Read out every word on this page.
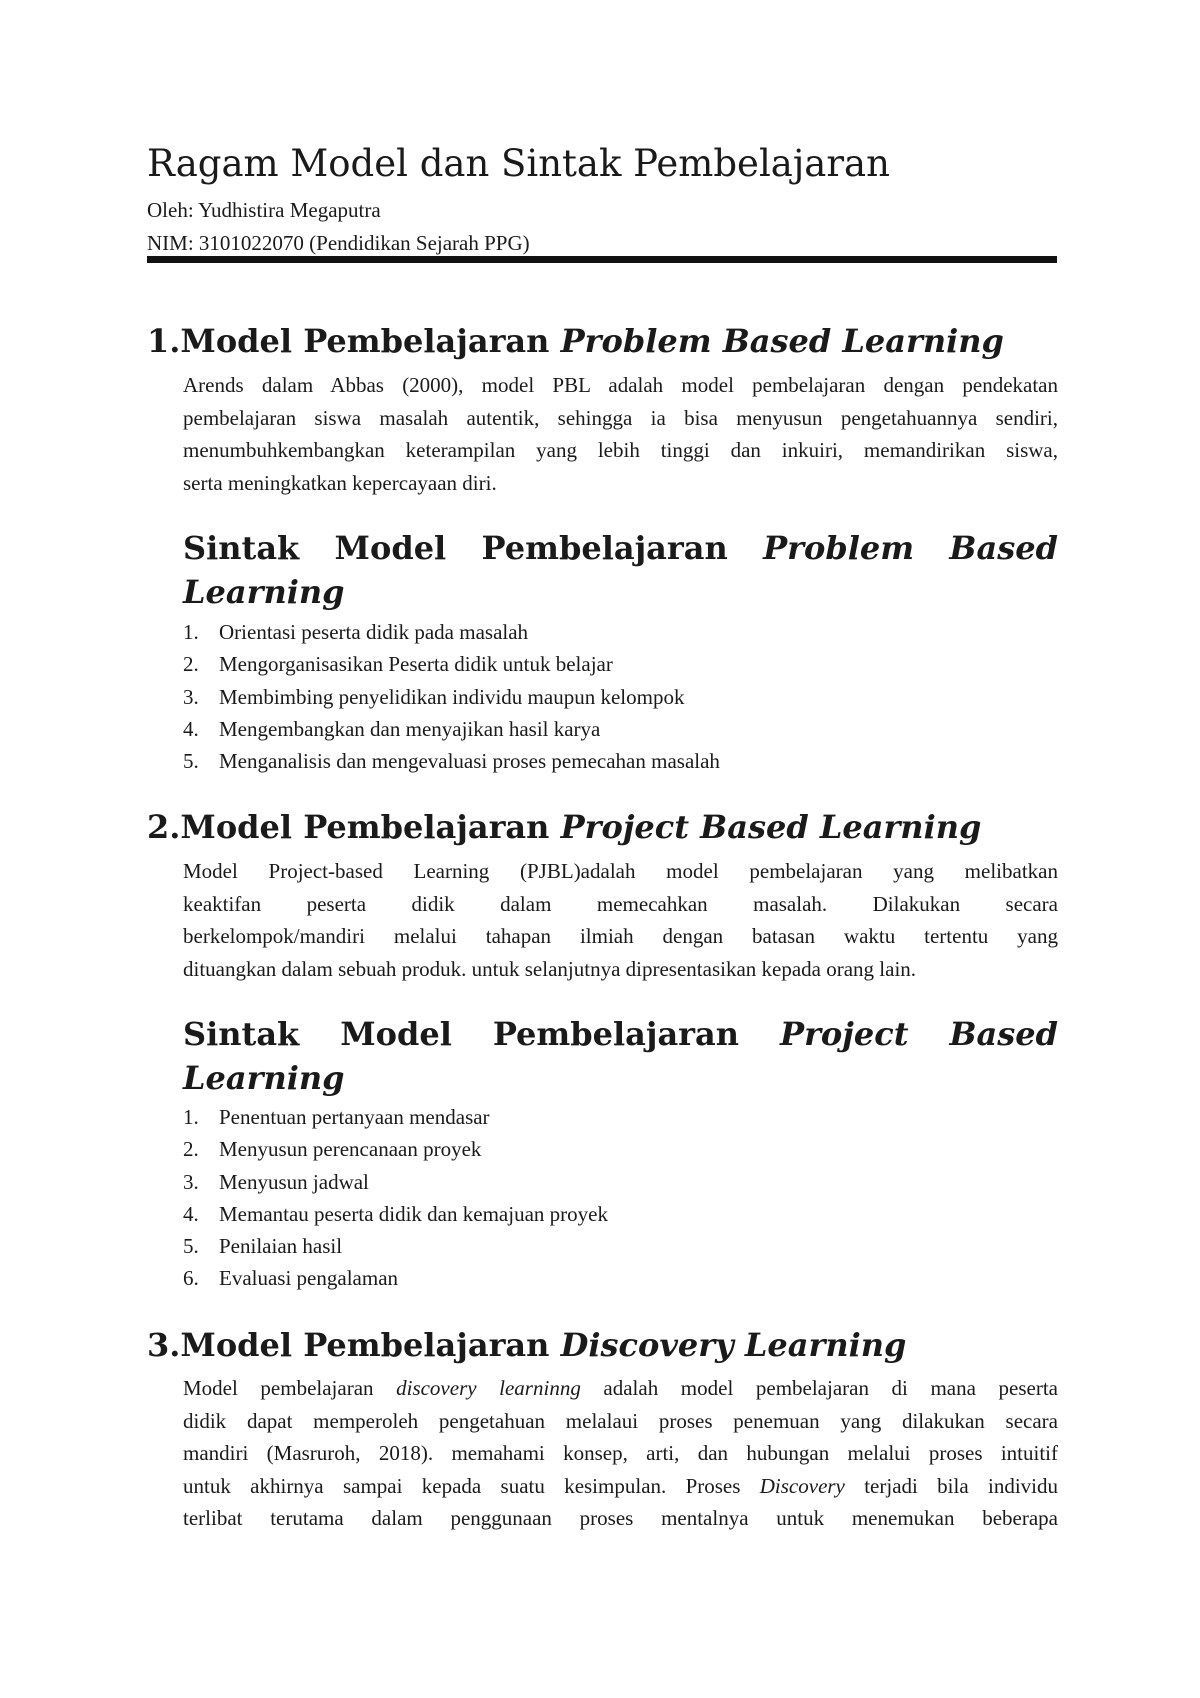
Ragam Model dan Sintak Pembelajaran

Oleh: Yudhistira Megaputra

NIM: 3101022070 (Pendidikan Sejarah PPG)

1.Model Pembelajaran Problem Based Learning

Arends dalam Abbas (2000), model PBL adalah model pembelajaran dengan pendekatan
pembelajaran siswa masalah autentik, sehingga ia bisa menyusun pengetahuannya sendiri,
menumbuhkembangkan keterampilan yang lebih tinggi dan inkuiri, memandirikan siswa,
serta meningkatkan kepercayaan diri.

Sintak Model Pembelajaran Problem Based
Learning
1. Orientasi peserta didik pada masalah
2. Mengorganisasikan Peserta didik untuk belajar
3. Membimbing penyelidikan individu maupun kelompok
4. Mengembangkan dan menyajikan hasil karya
5. Menganalisis dan mengevaluasi proses pemecahan masalah
2.Model Pembelajaran Project Based Learning

Model Project-based Learning (PJBL)adalah model pembelajaran yang melibatkan
keaktifan peserta didik dalam memecahkan masalah. Dilakukan secara
berkelompok/mandiri melalui tahapan ilmiah dengan batasan waktu tertentu yang
dituangkan dalam sebuah produk. untuk selanjutnya dipresentasikan kepada orang lain.

Sintak Model Pembelajaran Project Based
Learning
1. Penentuan pertanyaan mendasar
2. Menyusun perencanaan proyek
3. Menyusun jadwal
4. Memantau peserta didik dan kemajuan proyek
5. Penilaian hasil
6. Evaluasi pengalaman
3.Model Pembelajaran Discovery Learning

Model pembelajaran discovery learninng adalah model pembelajaran di mana peserta
didik dapat memperoleh pengetahuan melalaui proses penemuan yang dilakukan secara
mandiri (Masruroh, 2018). memahami konsep, arti, dan hubungan melalui proses intuitif
untuk akhirnya sampai kepada suatu kesimpulan. Proses Discovery terjadi bila individu
terlibat terutama dalam penggunaan proses mentalnya untuk menemukan beberapa
